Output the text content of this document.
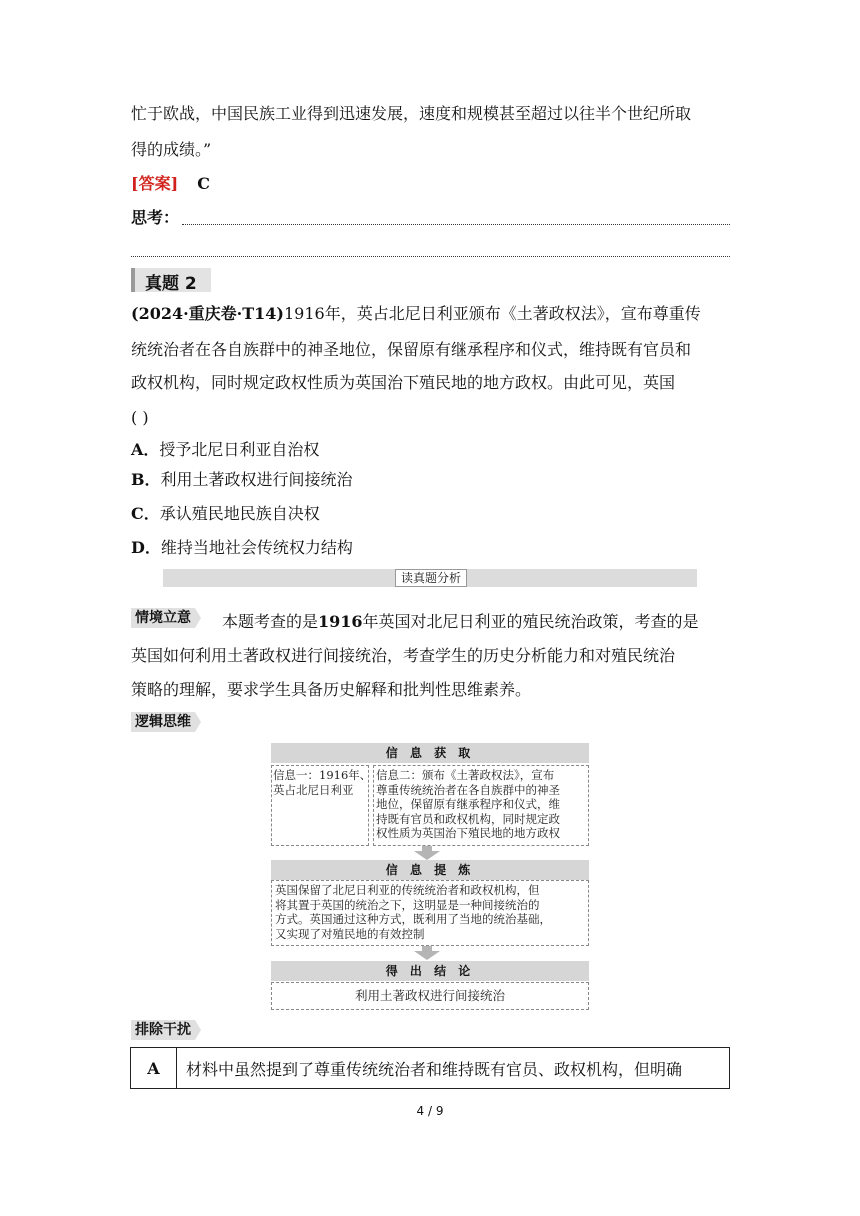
忙于欧战，中国民族工业得到迅速发展，速度和规模甚至超过以往半个世纪所取
得的成绩。”
[答案] C
思考：
真题 2
(2024·重庆卷·T14)1916年，英占北尼日利亚颁布《土著政权法》，宣布尊重传
统统治者在各自族群中的神圣地位，保留原有继承程序和仪式，维持既有官员和
政权机构，同时规定政权性质为英国治下殖民地的地方政权。由此可见，英国
( )
A．授予北尼日利亚自治权
B．利用土著政权进行间接统治
C．承认殖民地民族自决权
D．维持当地社会传统权力结构
读真题分析
情境立意 本题考查的是1916年英国对北尼日利亚的殖民统治政策，考查的是
英国如何利用土著政权进行间接统治，考查学生的历史分析能力和对殖民统治
策略的理解，要求学生具备历史解释和批判性思维素养。
逻辑思维
信 息 获 取
信息一：1916年、
英占北尼日利亚
信息二：颁布《土著政权法》，宣布
尊重传统统治者在各自族群中的神圣
地位，保留原有继承程序和仪式，维
持既有官员和政权机构，同时规定政
权性质为英国治下殖民地的地方政权
信 息 提 炼
英国保留了北尼日利亚的传统统治者和政权机构，但
将其置于英国的统治之下，这明显是一种间接统治的
方式。英国通过这种方式，既利用了当地的统治基础，
又实现了对殖民地的有效控制
得 出 结 论
利用土著政权进行间接统治
排除干扰
A	材料中虽然提到了尊重传统统治者和维持既有官员、政权机构，但明确
4 / 9
